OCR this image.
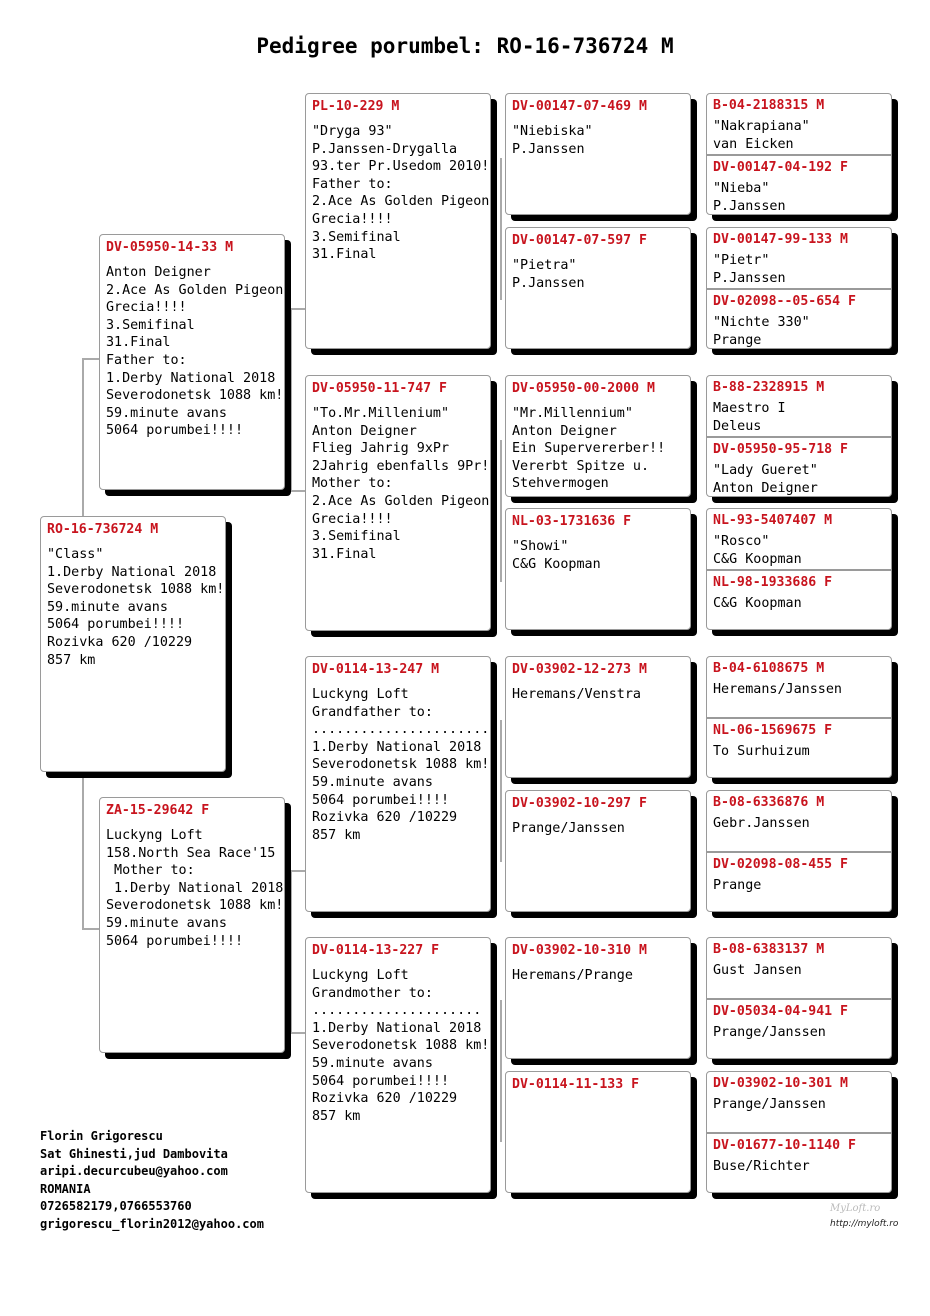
Pedigree porumbel: RO-16-736724 M
RO-16-736724 M
"Class"
1.Derby National 2018
Severodonetsk 1088 km!
59.minute avans
5064 porumbei!!!!
Rozivka 620 /10229
857 km
DV-05950-14-33 M
Anton Deigner
2.Ace As Golden Pigeon
Grecia!!!!
3.Semifinal
31.Final
Father to:
1.Derby National 2018
Severodonetsk 1088 km!
59.minute avans
5064 porumbei!!!!
ZA-15-29642 F
Luckyng Loft
158.North Sea Race'15
Mother to:
1.Derby National 2018
Severodonetsk 1088 km!
59.minute avans
5064 porumbei!!!!
PL-10-229 M
"Dryga 93"
P.Janssen-Drygalla
93.ter Pr.Usedom 2010!
Father to:
2.Ace As Golden Pigeon
Grecia!!!!
3.Semifinal
31.Final
DV-05950-11-747 F
"To.Mr.Millenium"
Anton Deigner
Flieg Jahrig 9xPr
2Jahrig ebenfalls 9Pr!
Mother to:
2.Ace As Golden Pigeon
Grecia!!!!
3.Semifinal
31.Final
DV-0114-13-247 M
Luckyng Loft
Grandfather to:
......................
1.Derby National 2018
Severodonetsk 1088 km!
59.minute avans
5064 porumbei!!!!
Rozivka 620 /10229
857 km
DV-0114-13-227 F
Luckyng Loft
Grandmother to:
.....................
1.Derby National 2018
Severodonetsk 1088 km!
59.minute avans
5064 porumbei!!!!
Rozivka 620 /10229
857 km
DV-00147-07-469 M
"Niebiska"
P.Janssen
DV-00147-07-597 F
"Pietra"
P.Janssen
DV-05950-00-2000 M
"Mr.Millennium"
Anton Deigner
Ein Supervererber!!
Vererbt Spitze u.
Stehvermogen
NL-03-1731636 F
"Showi"
C&G Koopman
DV-03902-12-273 M
Heremans/Venstra
DV-03902-10-297 F
Prange/Janssen
DV-03902-10-310 M
Heremans/Prange
DV-0114-11-133 F
B-04-2188315 M
"Nakrapiana"
van Eicken
DV-00147-04-192 F
"Nieba"
P.Janssen
DV-00147-99-133 M
"Pietr"
P.Janssen
DV-02098--05-654 F
"Nichte 330"
Prange
B-88-2328915 M
Maestro I
Deleus
DV-05950-95-718 F
"Lady Gueret"
Anton Deigner
NL-93-5407407 M
"Rosco"
C&G Koopman
NL-98-1933686 F
C&G Koopman
B-04-6108675 M
Heremans/Janssen
NL-06-1569675 F
To Surhuizum
B-08-6336876 M
Gebr.Janssen
DV-02098-08-455 F
Prange
B-08-6383137 M
Gust Jansen
DV-05034-04-941 F
Prange/Janssen
DV-03902-10-301 M
Prange/Janssen
DV-01677-10-1140 F
Buse/Richter
Florin Grigorescu
Sat Ghinesti,jud Dambovita
aripi.decurcubeu@yahoo.com
ROMANIA
0726582179,0766553760
grigorescu_florin2012@yahoo.com
MyLoft.ro
http://myloft.ro
